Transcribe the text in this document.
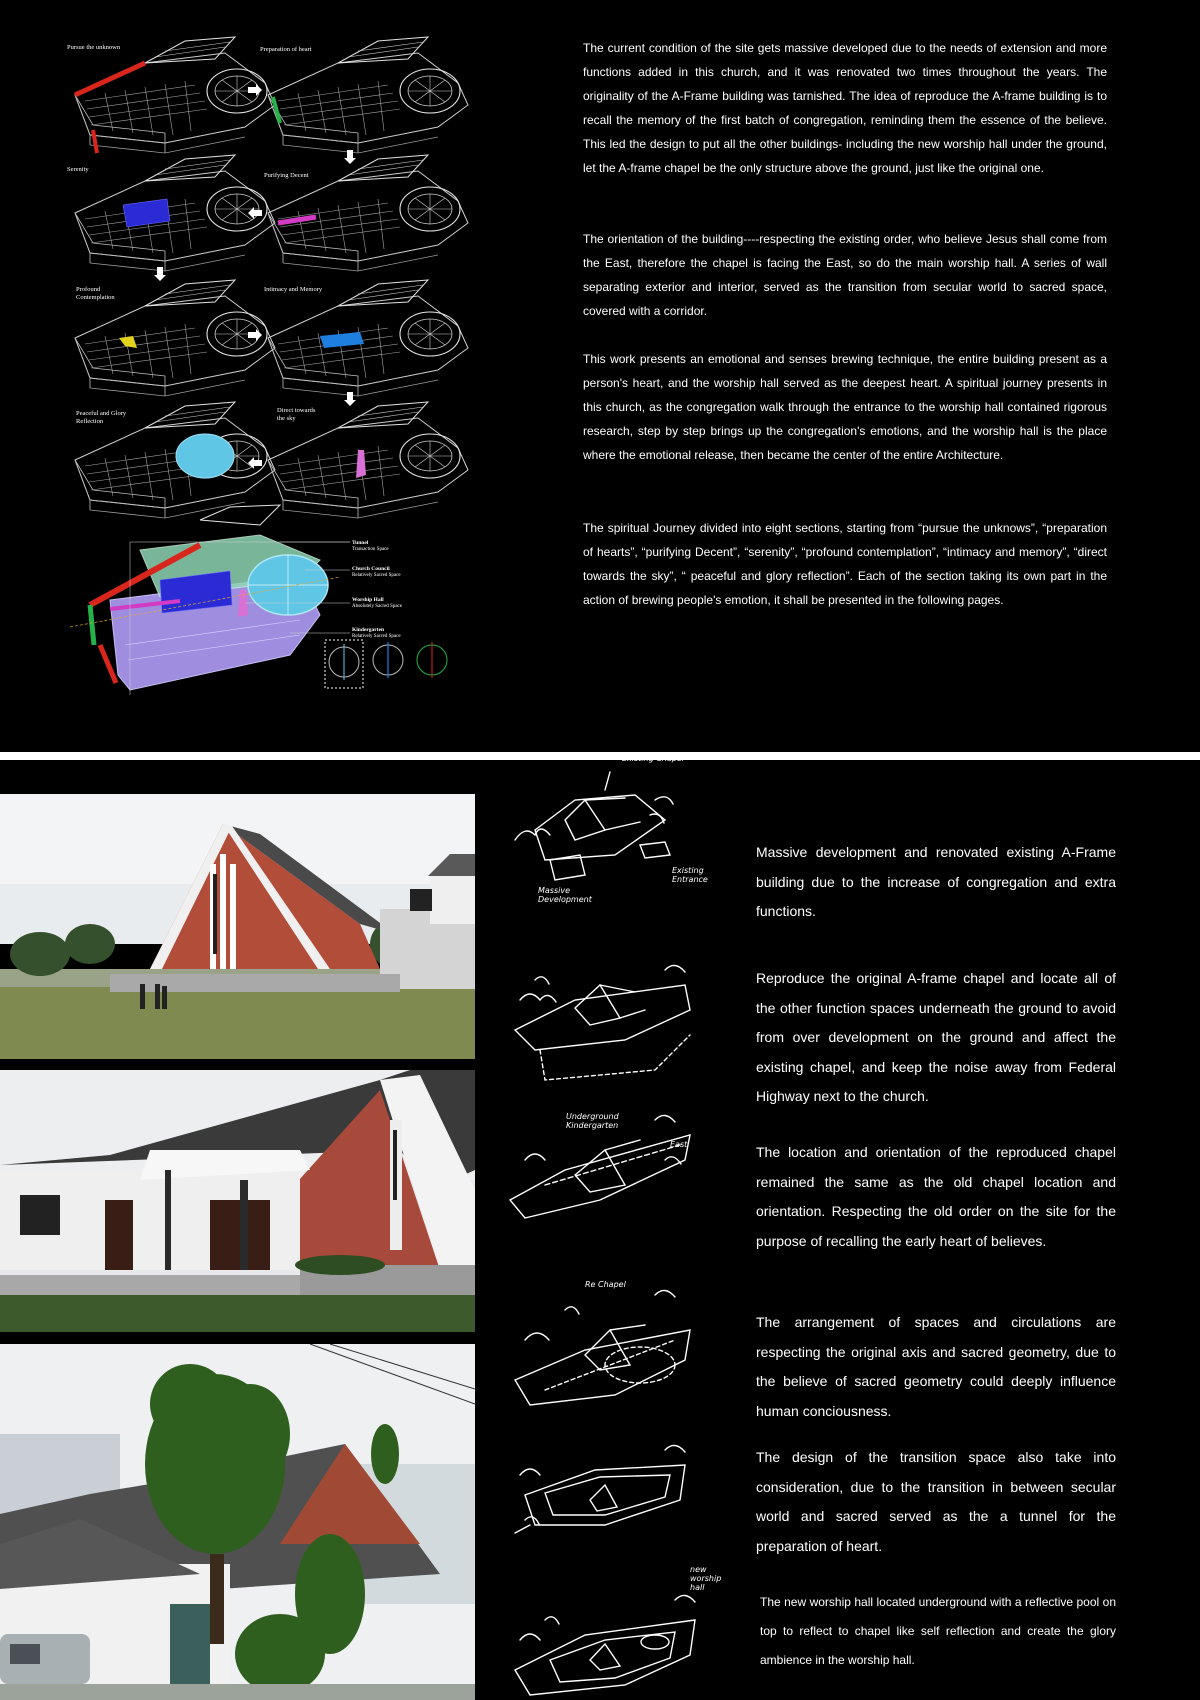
Pursue the unknown	Preparation of heart
Serenity
Purifying Decent
Profound
Contemplation
Intimacy and Memory
Peaceful and Glory
Reflection
Direct towards
the sky
Tunnel
Transaction Space
Church Council
Relatively Sacred Space
Worship Hall
Absolutely Sacred Space
Kindergarten
Relatively Sacred Space

The current condition of the site gets massive developed due to the needs of extension and more functions added in this church, and it was renovated two times throughout the years. The originality of the A-Frame building was tarnished. The idea of reproduce the A-frame building is to recall the memory of the first batch of congregation, reminding them the essence of the believe. This led the design to put all the other buildings- including the new worship hall under the ground, let the A-frame chapel be the only structure above the ground, just like the original one.

The orientation of the building----respecting the existing order, who believe Jesus shall come from the East, therefore the chapel is facing the East, so do the main worship hall. A series of wall separating exterior and interior, served as the transition from secular world to sacred space, covered with a corridor.

This work presents an emotional and senses brewing technique, the entire building present as a person's heart, and the worship hall served as the deepest heart. A spiritual journey presents in this church, as the congregation walk through the entrance to the worship hall contained rigorous research, step by step brings up the congregation's emotions, and the worship hall is the place where the emotional release, then became the center of the entire Architecture.

The spiritual Journey divided into eight sections, starting from “pursue the unknows”, “preparation of hearts”, “purifying Decent”, “serenity”, “profound contemplation”, “intimacy and memory”, “direct towards the sky”, “ peaceful and glory reflection”. Each of the section taking its own part in the action of brewing people's emotion, it shall be presented in the following pages.

Existing Chapel
Existing Entrance
Massive Development
Underground Kindergarten
East
Re Chapel
new worship hall

Massive development and renovated existing A-Frame building due to the increase of congregation and extra functions.

Reproduce the original A-frame chapel and locate all of the other function spaces underneath the ground to avoid from over development on the ground and affect the existing chapel, and keep the noise away from Federal Highway next to the church.

The location and orientation of the reproduced chapel remained the same as the old chapel location and orientation. Respecting the old order on the site for the purpose of recalling the early heart of believes.

The arrangement of spaces and circulations are respecting the original axis and sacred geometry, due to the believe of sacred geometry could deeply influence human conciousness.

The design of the transition space also take into consideration, due to the transition in between secular world and sacred served as the a tunnel for the preparation of heart.

The new worship hall located underground with a reflective pool on top to reflect to chapel like self reflection and create the glory ambience in the worship hall.
